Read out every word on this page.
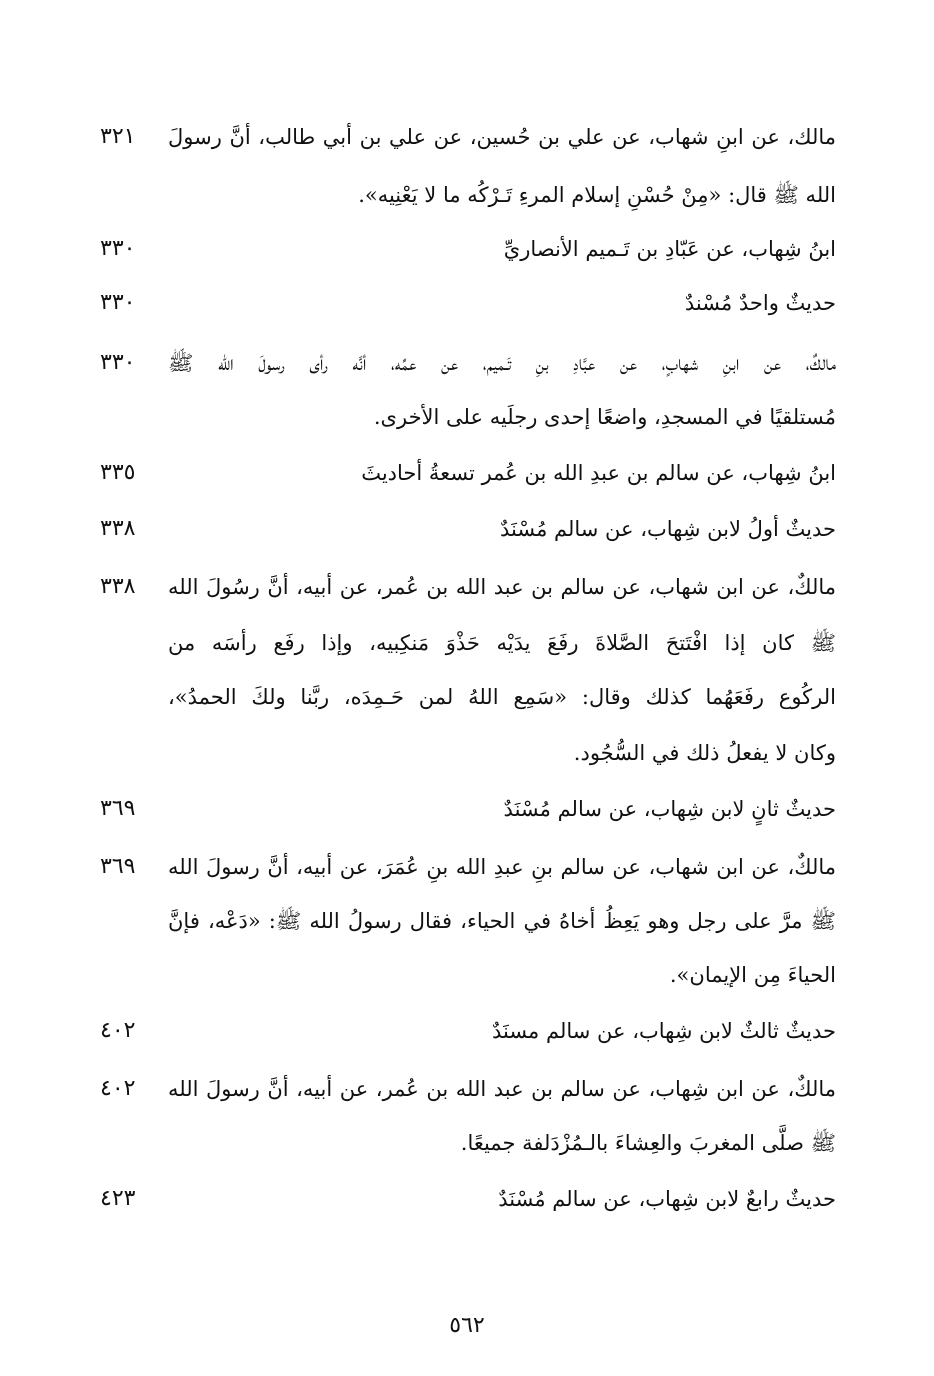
مالك، عن ابنِ شهاب، عن علي بن حُسين، عن علي بن أبي طالب، أنَّ رسولَ
٣٢١
الله ﷺ قال: «مِنْ حُسْنِ إسلام المرءِ تَـرْكُه ما لا يَعْنِيه».
ابنُ شِهاب، عن عَبّادِ بن تَـميم الأنصاريِّ
٣٣٠
حديثٌ واحدٌ مُسْندٌ
٣٣٠
مالكٌ، عن ابنِ شهابٍ، عن عبَّادِ بنِ تَـميم، عن عمِّه، أنَّه رأى رسولَ الله ﷺ
٣٣٠
مُستلقيًا في المسجدِ، واضعًا إحدى رجلَيه على الأخرى.
ابنُ شِهاب، عن سالم بن عبدِ الله بن عُمر تسعةُ أحاديثَ
٣٣٥
حديثٌ أولُ لابن شِهاب، عن سالم مُسْنَدٌ
٣٣٨
مالكٌ، عن ابن شهاب، عن سالم بن عبد الله بن عُمر، عن أبيه، أنَّ رسُولَ الله
٣٣٨
ﷺ كان إذا افْتَتحَ الصَّلاةَ رفَعَ يدَيْه حَذْوَ مَنكِبيه، وإذا رفَع رأسَه من
الركُوع رفَعَهُما كذلك وقال: «سَمِع اللهُ لمن حَـمِدَه، ربَّنا ولكَ الحمدُ»،
وكان لا يفعلُ ذلك في السُّجُود.
حديثٌ ثانٍ لابن شِهاب، عن سالم مُسْنَدٌ
٣٦٩
مالكٌ، عن ابن شهاب، عن سالم بنِ عبدِ الله بنِ عُمَرَ، عن أبيه، أنَّ رسولَ الله
٣٦٩
ﷺ مرَّ على رجل وهو يَعِظُ أخاهُ في الحياء، فقال رسولُ الله ﷺ: «دَعْه، فإنَّ
الحياءَ مِن الإيمان».
حديثٌ ثالثٌ لابن شِهاب، عن سالم مسنَدٌ
٤٠٢
مالكٌ، عن ابن شِهاب، عن سالم بن عبد الله بن عُمر، عن أبيه، أنَّ رسولَ الله
٤٠٢
ﷺ صلَّى المغربَ والعِشاءَ بالـمُزْدَلفة جميعًا.
حديثٌ رابعٌ لابن شِهاب، عن سالم مُسْنَدٌ
٤٢٣
٥٦٢
